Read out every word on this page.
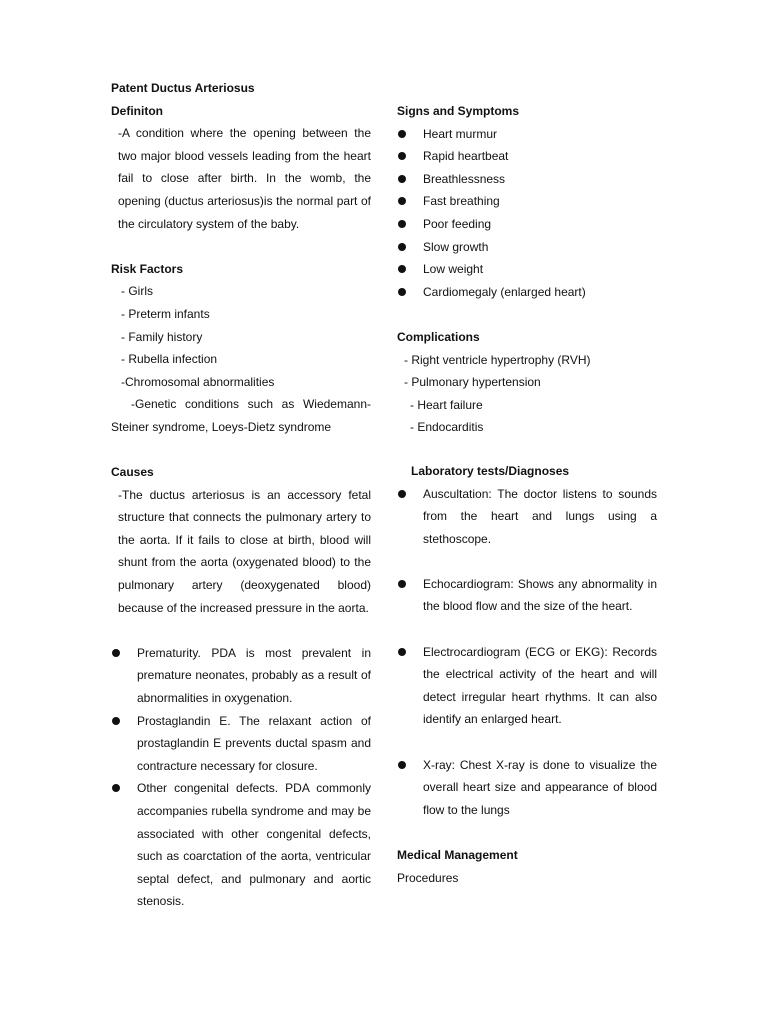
Patent Ductus Arteriosus
Definiton

-A condition where the opening between the two major blood vessels leading from the heart fail to close after birth. In the womb, the opening (ductus arteriosus)is the normal part of the circulatory system of the baby.

Risk Factors
- Girls
- Preterm infants
- Family history
- Rubella infection
-Chromosomal abnormalities

-Genetic conditions such as Wiedemann-Steiner syndrome, Loeys-Dietz syndrome

Causes

-The ductus arteriosus is an accessory fetal structure that connects the pulmonary artery to the aorta. If it fails to close at birth, blood will shunt from the aorta (oxygenated blood) to the pulmonary artery (deoxygenated blood) because of the increased pressure in the aorta.

Prematurity. PDA is most prevalent in premature neonates, probably as a result of abnormalities in oxygenation.
Prostaglandin E. The relaxant action of prostaglandin E prevents ductal spasm and contracture necessary for closure.
Other congenital defects. PDA commonly accompanies rubella syndrome and may be associated with other congenital defects, such as coarctation of the aorta, ventricular septal defect, and pulmonary and aortic stenosis.
Signs and Symptoms
Heart murmur
Rapid heartbeat
Breathlessness
Fast breathing
Poor feeding
Slow growth
Low weight
Cardiomegaly (enlarged heart)
Complications
- Right ventricle hypertrophy (RVH)
- Pulmonary hypertension
- Heart failure
- Endocarditis
Laboratory tests/Diagnoses
Auscultation: The doctor listens to sounds from the heart and lungs using a stethoscope.
Echocardiogram: Shows any abnormality in the blood flow and the size of the heart.
Electrocardiogram (ECG or EKG): Records the electrical activity of the heart and will detect irregular heart rhythms. It can also identify an enlarged heart.
X-ray: Chest X-ray is done to visualize the overall heart size and appearance of blood flow to the lungs
Medical Management
Procedures
